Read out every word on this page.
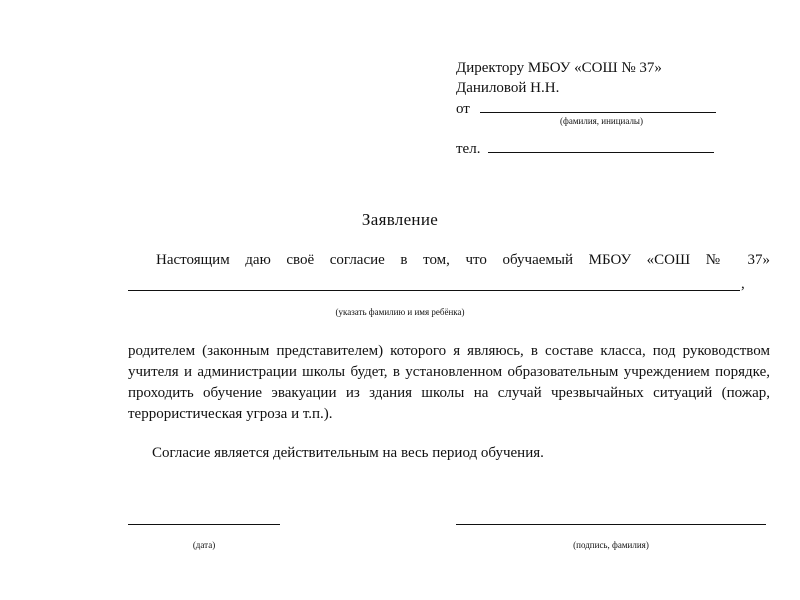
Директору МБОУ «СОШ № 37»
Даниловой Н.Н.
от
(фамилия, инициалы)
тел.
Заявление
Настоящим даю своё согласие в том, что обучаемый МБОУ «СОШ № 37»
,
(указать фамилию и имя ребёнка)
родителем (законным представителем) которого я являюсь, в составе класса, под руководством учителя и администрации школы будет, в установленном образовательным учреждением порядке, проходить обучение эвакуации из здания школы на случай чрезвычайных ситуаций (пожар, террористическая угроза и т.п.).
Согласие является действительным на весь период обучения.
(дата)	(подпись, фамилия)
